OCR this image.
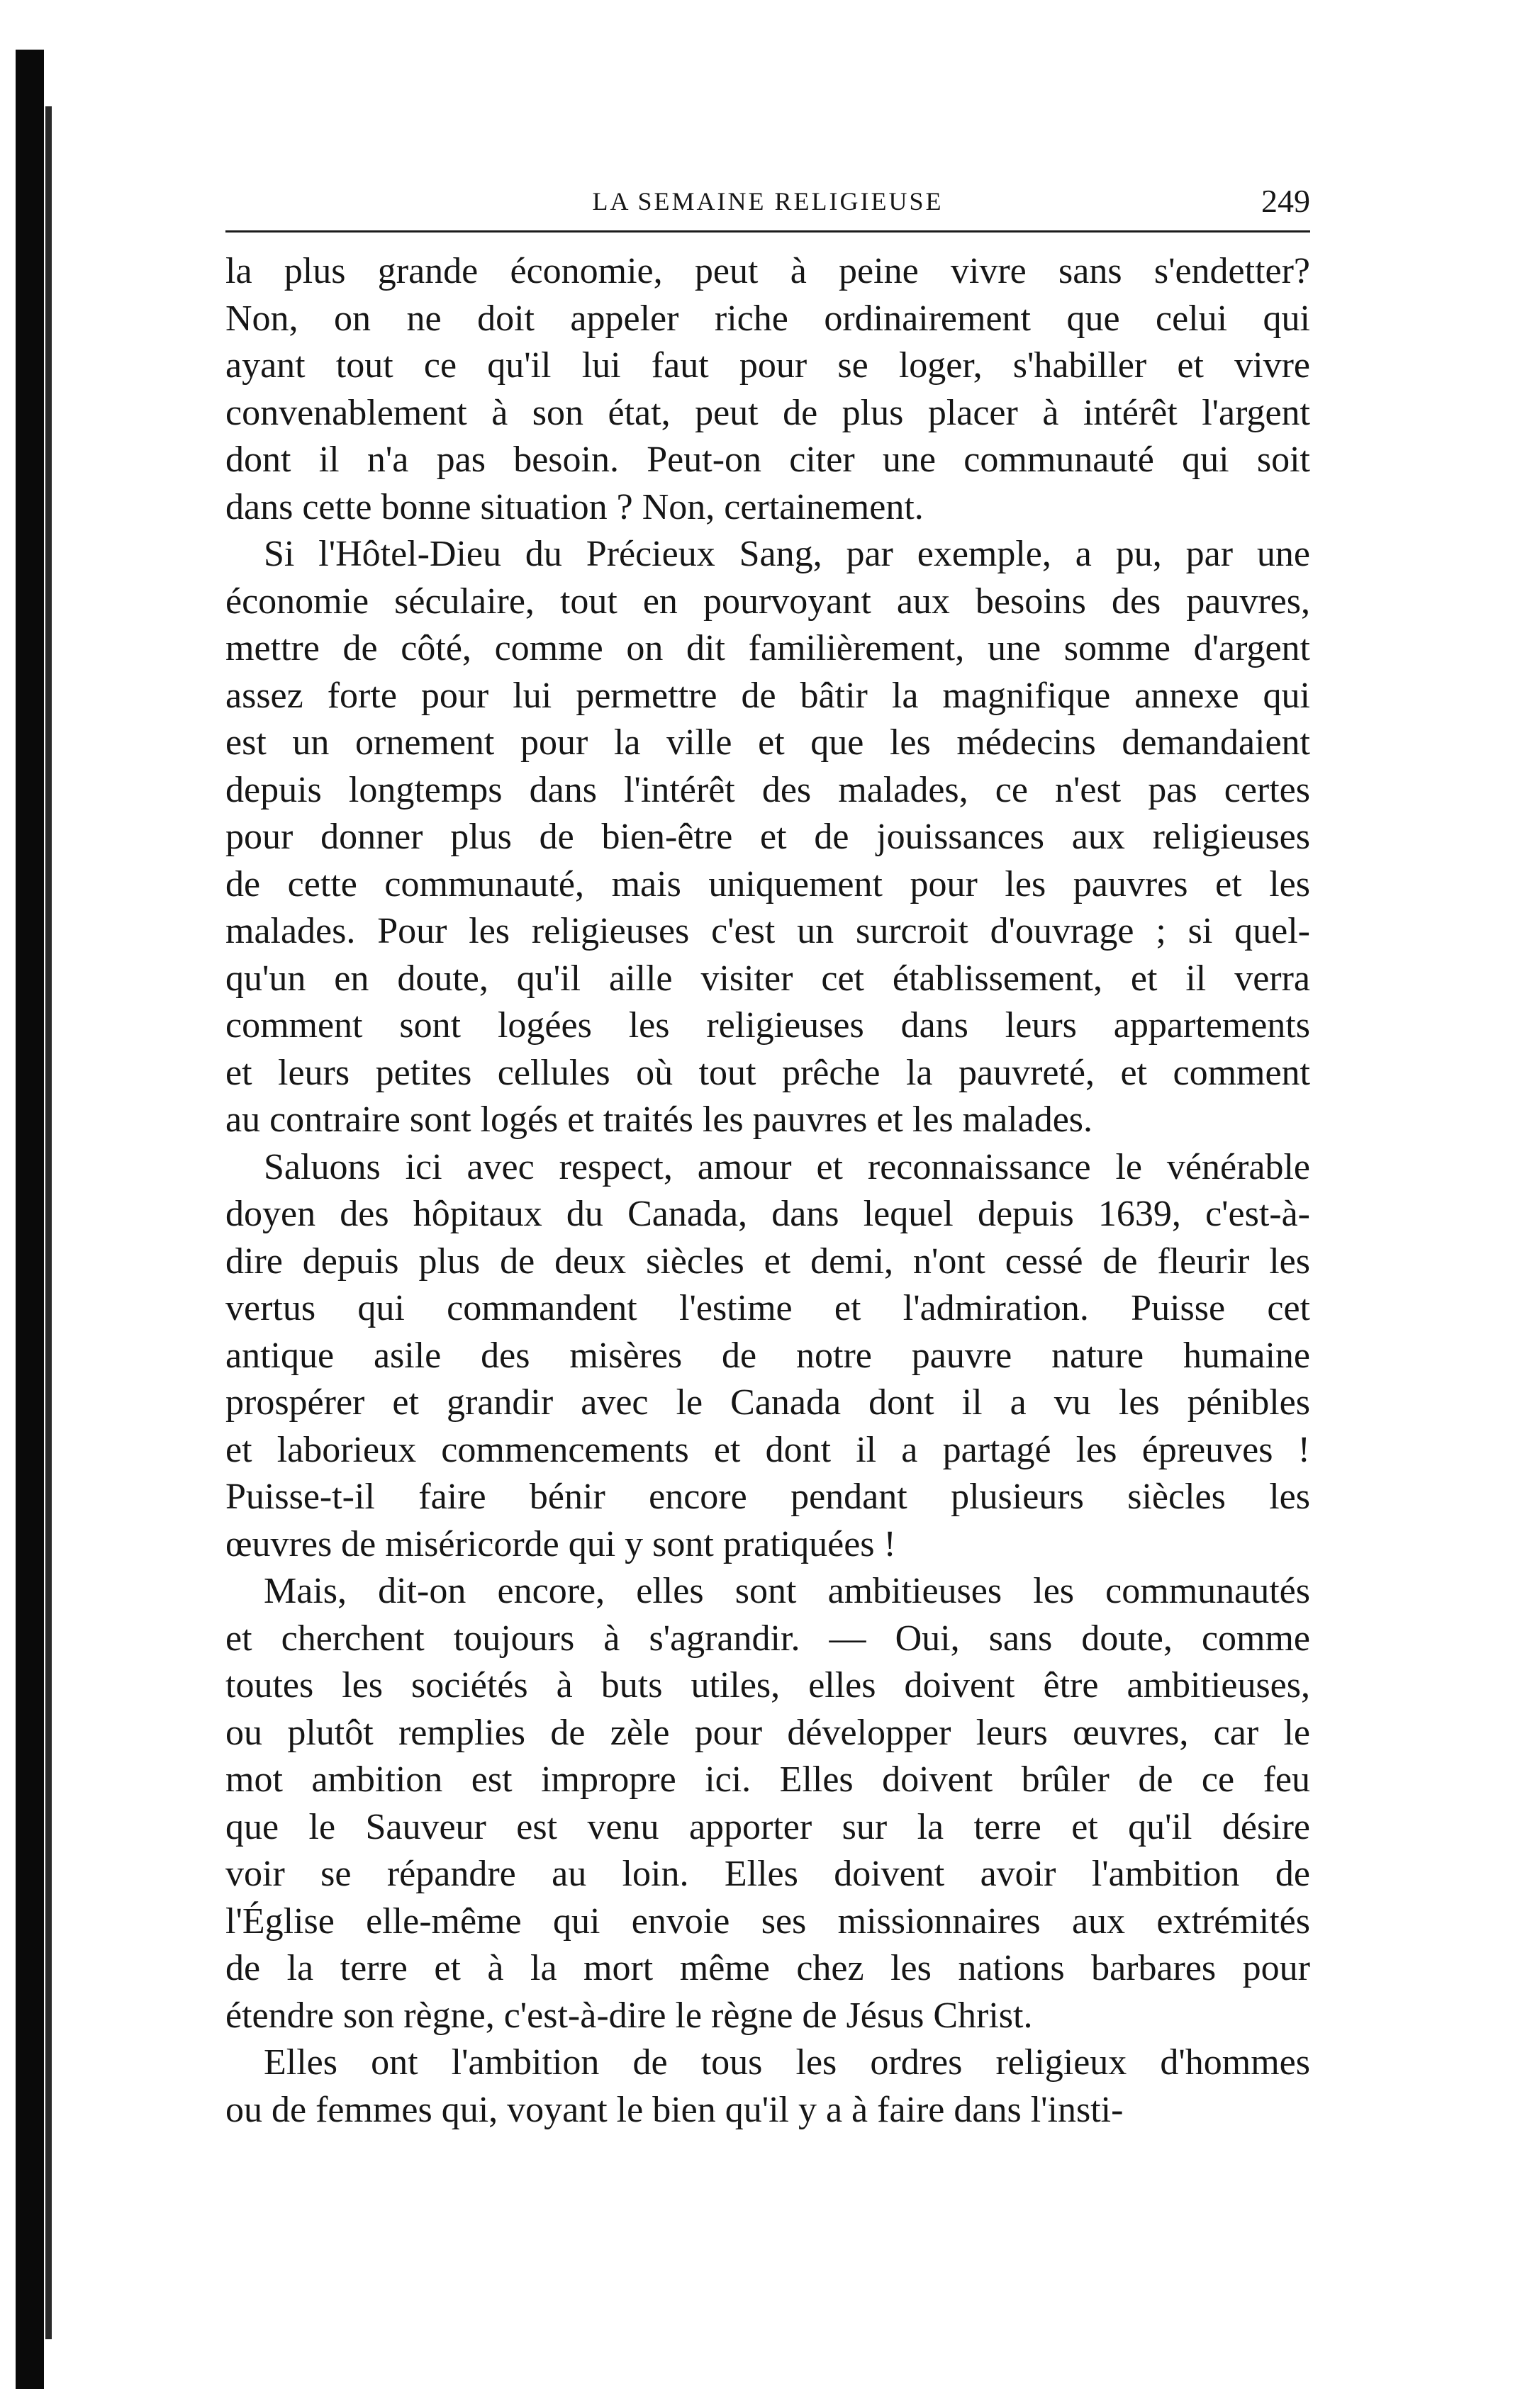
LA SEMAINE RELIGIEUSE	249
la plus grande économie, peut à peine vivre sans s'endetter?
Non, on ne doit appeler riche ordinairement que celui qui
ayant tout ce qu'il lui faut pour se loger, s'habiller et vivre
convenablement à son état, peut de plus placer à intérêt l'argent
dont il n'a pas besoin. Peut-on citer une communauté qui soit
dans cette bonne situation ? Non, certainement.
Si l'Hôtel-Dieu du Précieux Sang, par exemple, a pu, par une
économie séculaire, tout en pourvoyant aux besoins des pauvres,
mettre de côté, comme on dit familièrement, une somme d'argent
assez forte pour lui permettre de bâtir la magnifique annexe qui
est un ornement pour la ville et que les médecins demandaient
depuis longtemps dans l'intérêt des malades, ce n'est pas certes
pour donner plus de bien-être et de jouissances aux religieuses
de cette communauté, mais uniquement pour les pauvres et les
malades. Pour les religieuses c'est un surcroit d'ouvrage ; si quel-
qu'un en doute, qu'il aille visiter cet établissement, et il verra
comment sont logées les religieuses dans leurs appartements
et leurs petites cellules où tout prêche la pauvreté, et comment
au contraire sont logés et traités les pauvres et les malades.
Saluons ici avec respect, amour et reconnaissance le vénérable
doyen des hôpitaux du Canada, dans lequel depuis 1639, c'est-à-
dire depuis plus de deux siècles et demi, n'ont cessé de fleurir les
vertus qui commandent l'estime et l'admiration. Puisse cet
antique asile des misères de notre pauvre nature humaine
prospérer et grandir avec le Canada dont il a vu les pénibles
et laborieux commencements et dont il a partagé les épreuves !
Puisse-t-il faire bénir encore pendant plusieurs siècles les
œuvres de miséricorde qui y sont pratiquées !
Mais, dit-on encore, elles sont ambitieuses les communautés
et cherchent toujours à s'agrandir. — Oui, sans doute, comme
toutes les sociétés à buts utiles, elles doivent être ambitieuses,
ou plutôt remplies de zèle pour développer leurs œuvres, car le
mot ambition est impropre ici. Elles doivent brûler de ce feu
que le Sauveur est venu apporter sur la terre et qu'il désire
voir se répandre au loin. Elles doivent avoir l'ambition de
l'Église elle-même qui envoie ses missionnaires aux extrémités
de la terre et à la mort même chez les nations barbares pour
étendre son règne, c'est-à-dire le règne de Jésus Christ.
Elles ont l'ambition de tous les ordres religieux d'hommes
ou de femmes qui, voyant le bien qu'il y a à faire dans l'insti-
